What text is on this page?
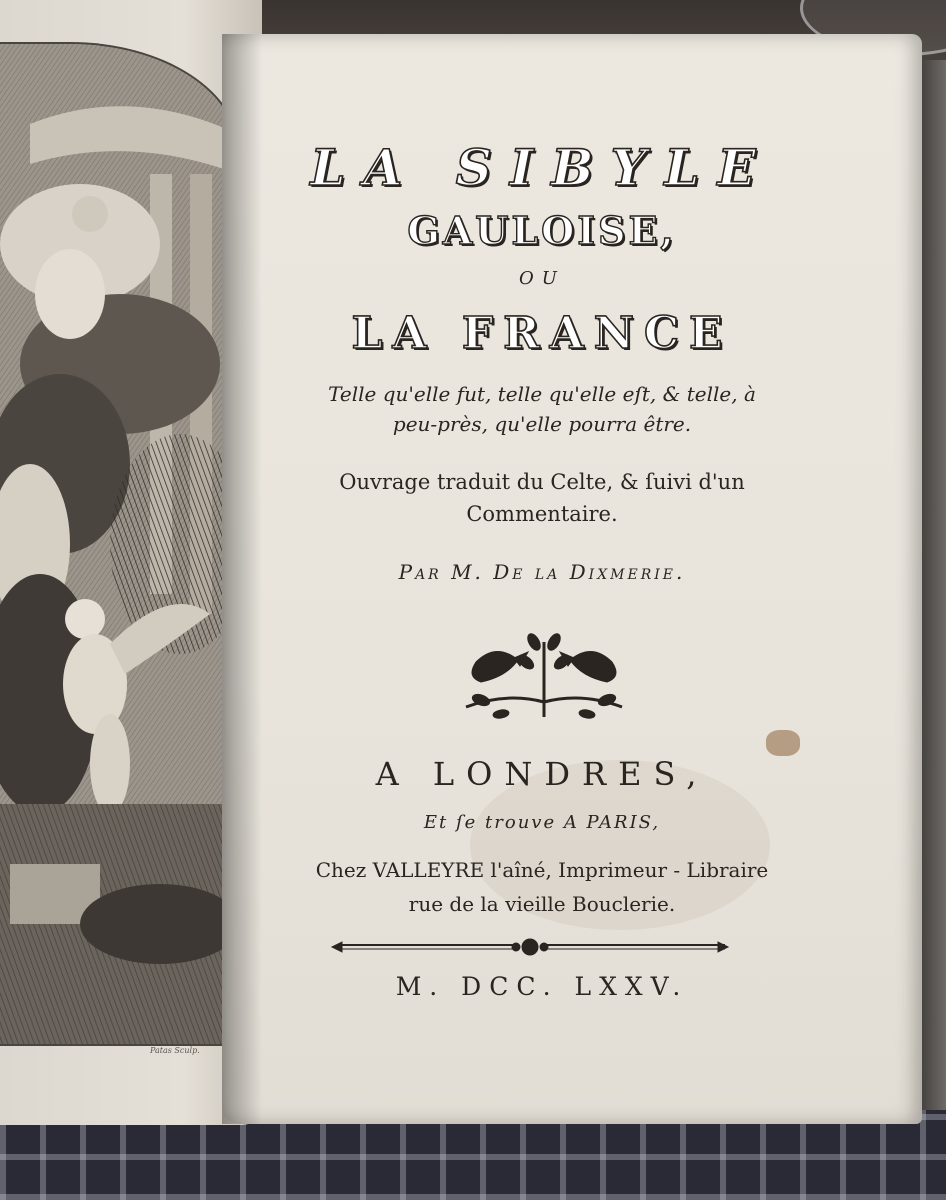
Patas Sculp.
LA SIBYLE
GAULOISE,
OU
LA FRANCE
Telle qu'elle fut, telle qu'elle eſt, & telle, à
peu-près, qu'elle pourra être.
Ouvrage traduit du Celte, & ſuivi d'un
Commentaire.
Par M. De la Dixmerie.
A LONDRES,
Et ſe trouve A PARIS,
Chez VALLEYRE l'aîné, Imprimeur - Libraire
rue de la vieille Bouclerie.
M. DCC. LXXV.
